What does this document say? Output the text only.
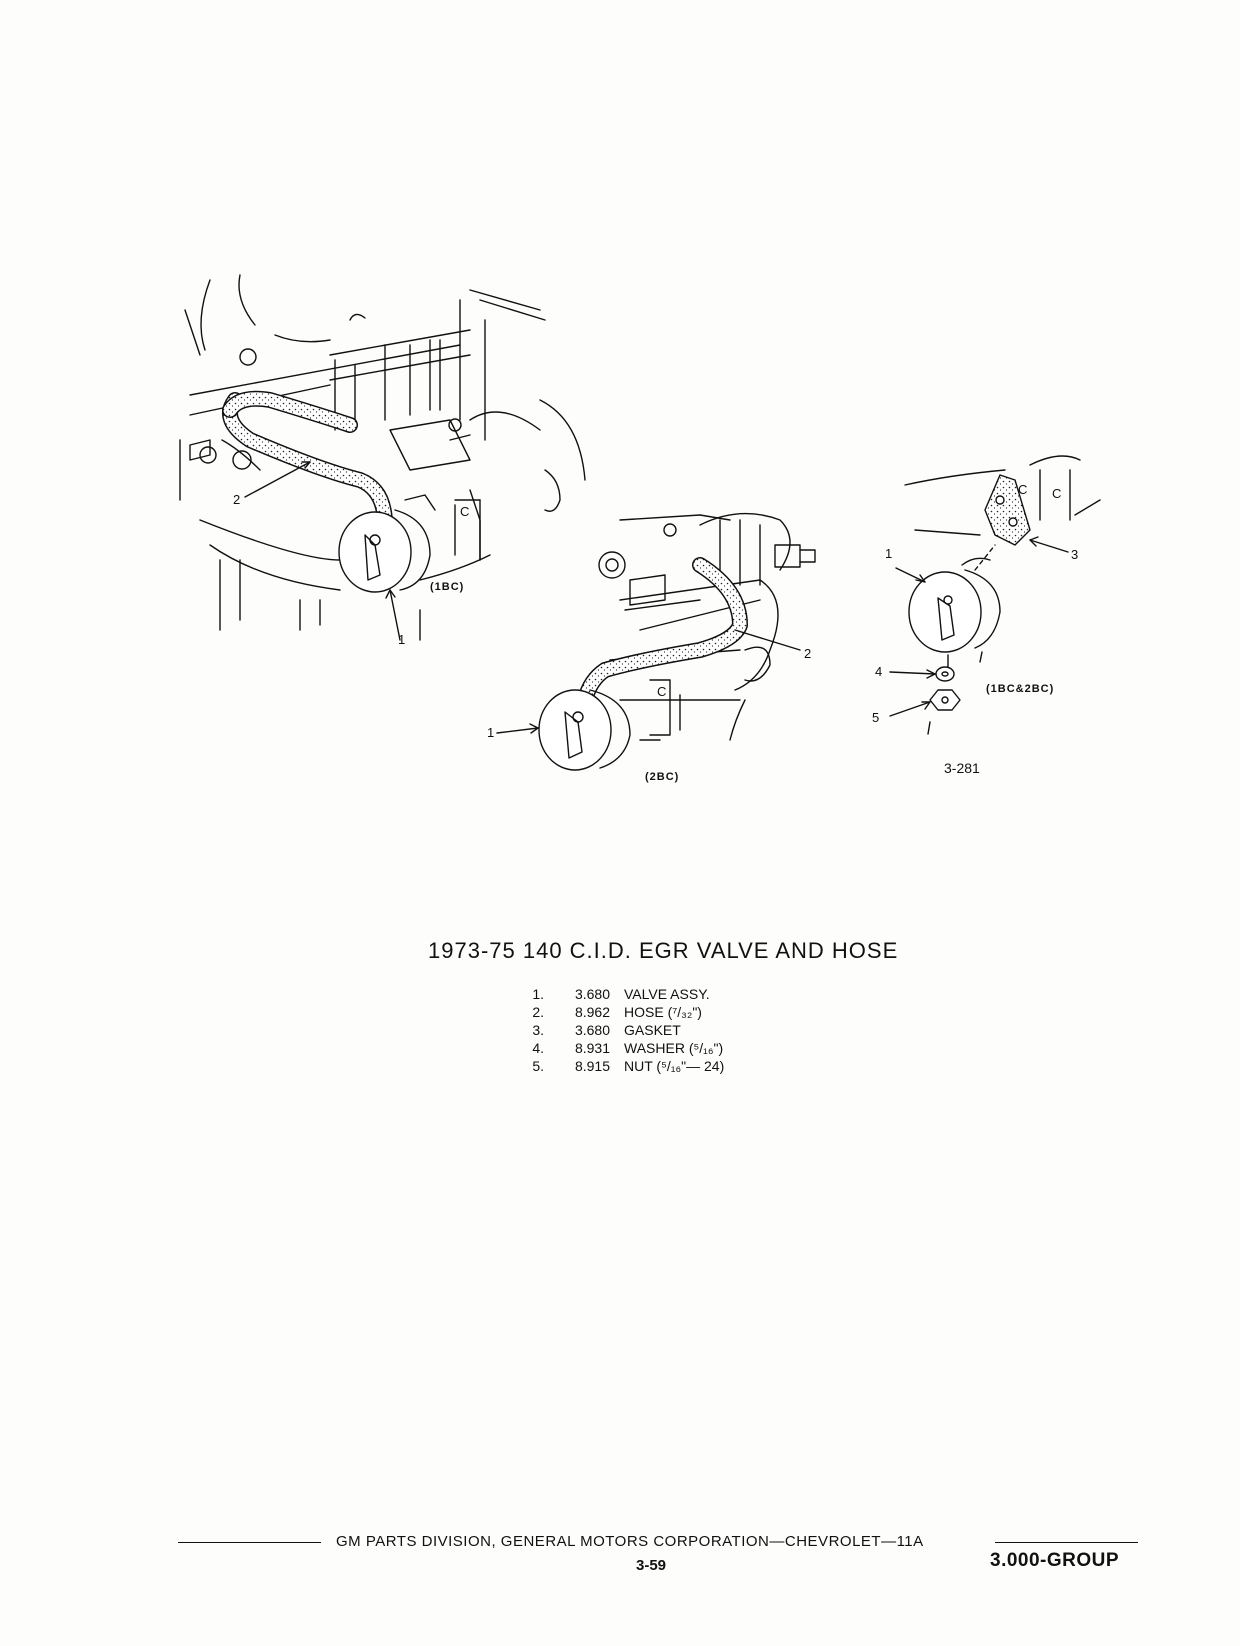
2
1
C
(1BC)
2
1
C
(2BC)
1	3
4
5
C
C
(1BC&2BC)
3-281
1973-75 140 C.I.D. EGR VALVE AND HOSE
1.	3.680	VALVE ASSY.
2.	8.962	HOSE (⁷/₃₂")
3.	3.680	GASKET
4.	8.931	WASHER (⁵/₁₆")
5.	8.915	NUT (⁵/₁₆"— 24)
GM PARTS DIVISION, GENERAL MOTORS CORPORATION—CHEVROLET—11A
3-59	3.000-GROUP
